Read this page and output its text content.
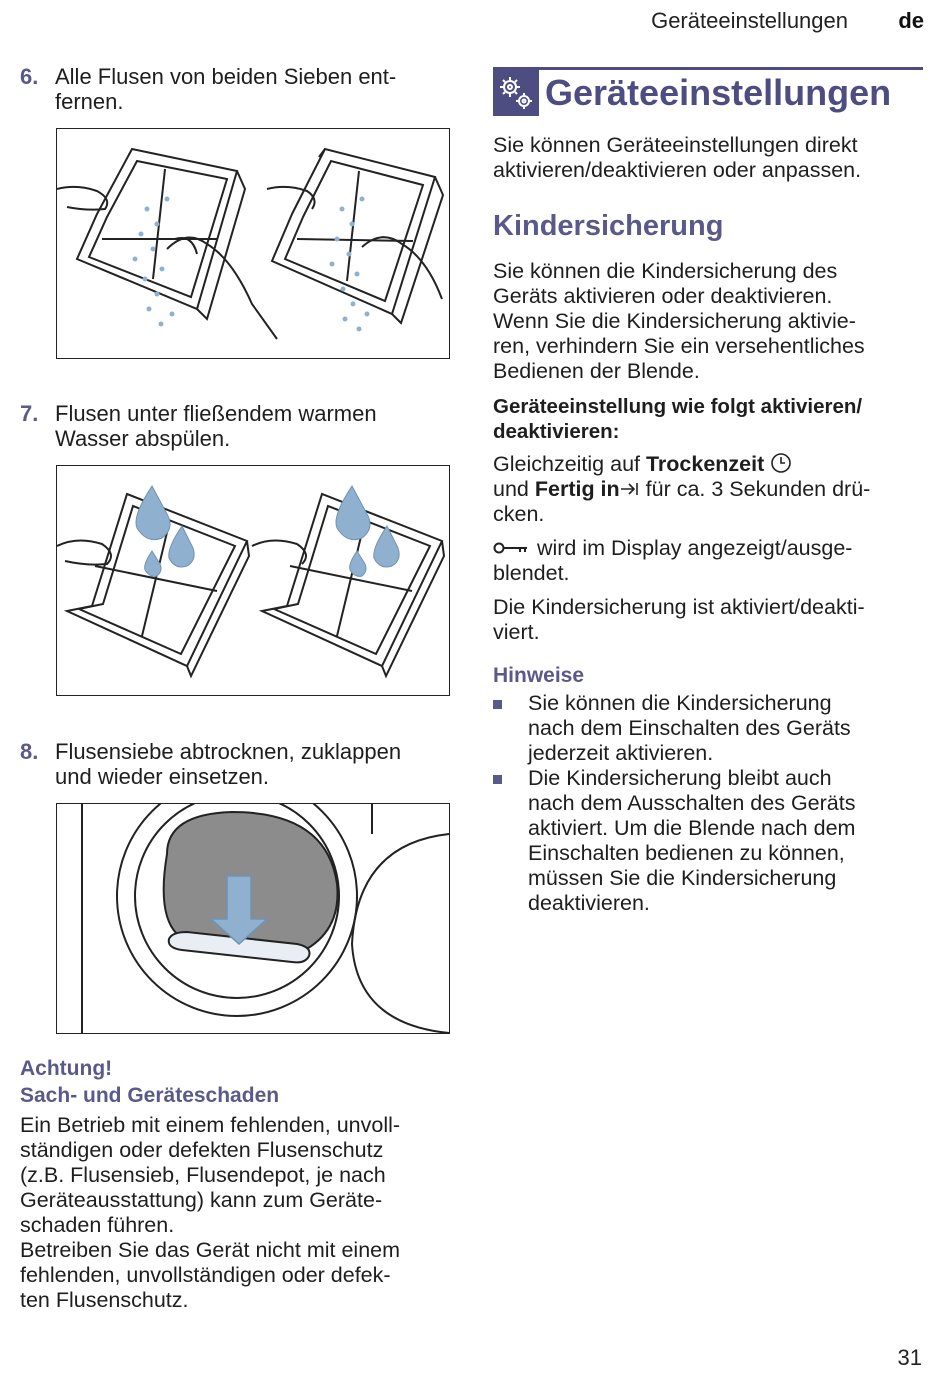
Geräteeinstellungen de
6. Alle Flusen von beiden Sieben ent-
fernen.
7. Flusen unter fließendem warmen
Wasser abspülen.
8. Flusensiebe abtrocknen, zuklappen
und wieder einsetzen.
Achtung!
Sach- und Geräteschaden
Ein Betrieb mit einem fehlenden, unvoll-
ständigen oder defekten Flusenschutz
(z.B. Flusensieb, Flusendepot, je nach
Geräteausstattung) kann zum Geräte-
schaden führen.
Betreiben Sie das Gerät nicht mit einem
fehlenden, unvollständigen oder defek-
ten Flusenschutz.
Geräteeinstellungen
Sie können Geräteeinstellungen direkt
aktivieren/deaktivieren oder anpassen.
Kindersicherung
Sie können die Kindersicherung des
Geräts aktivieren oder deaktivieren.
Wenn Sie die Kindersicherung aktivie-
ren, verhindern Sie ein versehentliches
Bedienen der Blende.
Geräteeinstellung wie folgt aktivieren/
deaktivieren:
Gleichzeitig auf Trockenzeit
und Fertig in für ca. 3 Sekunden drü-
cken.
wird im Display angezeigt/ausge-
blendet.
Die Kindersicherung ist aktiviert/deakti-
viert.
Hinweise
Sie können die Kindersicherung
nach dem Einschalten des Geräts
jederzeit aktivieren.
Die Kindersicherung bleibt auch
nach dem Ausschalten des Geräts
aktiviert. Um die Blende nach dem
Einschalten bedienen zu können,
müssen Sie die Kindersicherung
deaktivieren.
31
